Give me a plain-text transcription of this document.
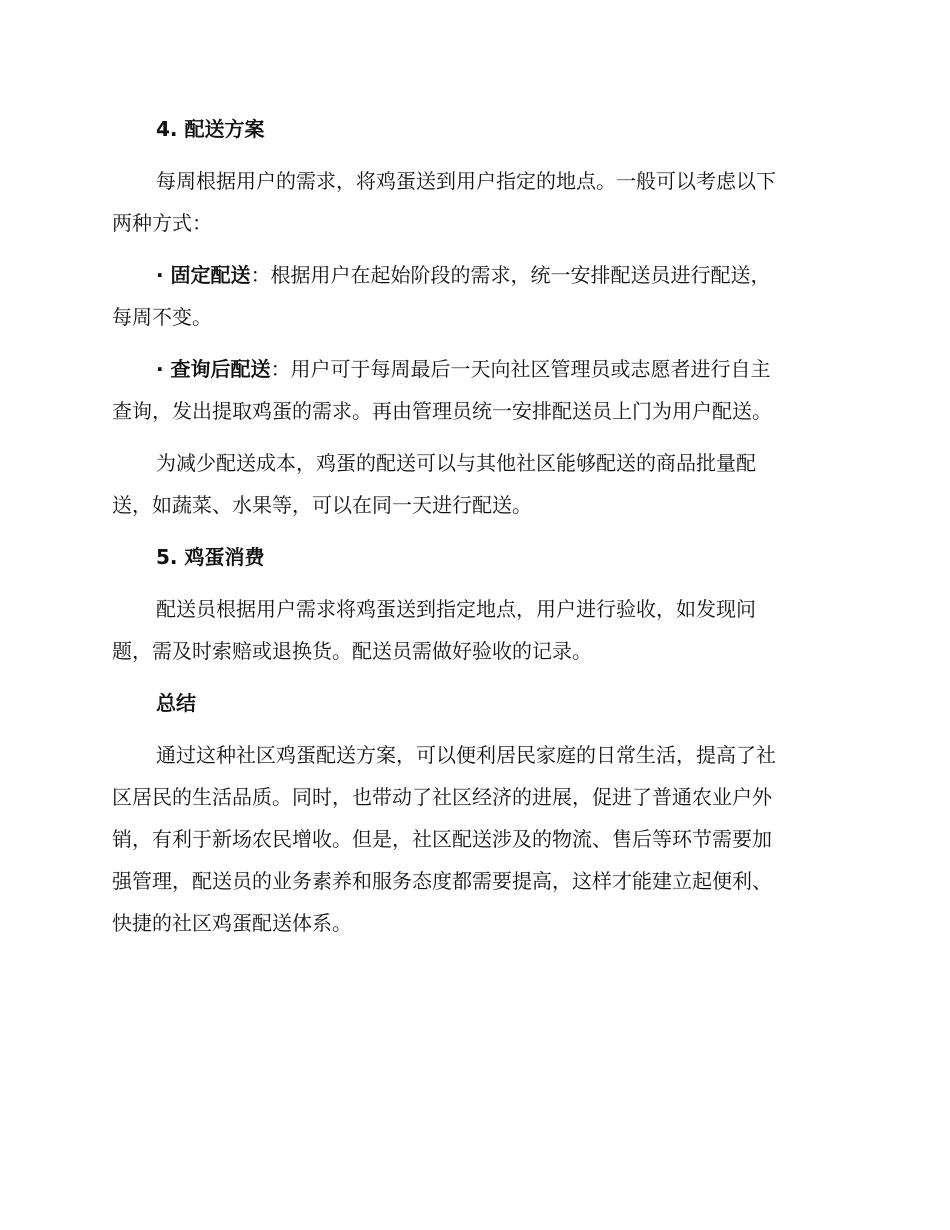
4. 配送方案

每周根据用户的需求，将鸡蛋送到用户指定的地点。一般可以考虑以下
两种方式：

· 固定配送：根据用户在起始阶段的需求，统一安排配送员进行配送，
每周不变。

· 查询后配送：用户可于每周最后一天向社区管理员或志愿者进行自主
查询，发出提取鸡蛋的需求。再由管理员统一安排配送员上门为用户配送。

为减少配送成本，鸡蛋的配送可以与其他社区能够配送的商品批量配
送，如蔬菜、水果等，可以在同一天进行配送。

5. 鸡蛋消费

配送员根据用户需求将鸡蛋送到指定地点，用户进行验收，如发现问
题，需及时索赔或退换货。配送员需做好验收的记录。

总结

通过这种社区鸡蛋配送方案，可以便利居民家庭的日常生活，提高了社
区居民的生活品质。同时，也带动了社区经济的进展，促进了普通农业户外
销，有利于新场农民增收。但是，社区配送涉及的物流、售后等环节需要加
强管理，配送员的业务素养和服务态度都需要提高，这样才能建立起便利、
快捷的社区鸡蛋配送体系。
